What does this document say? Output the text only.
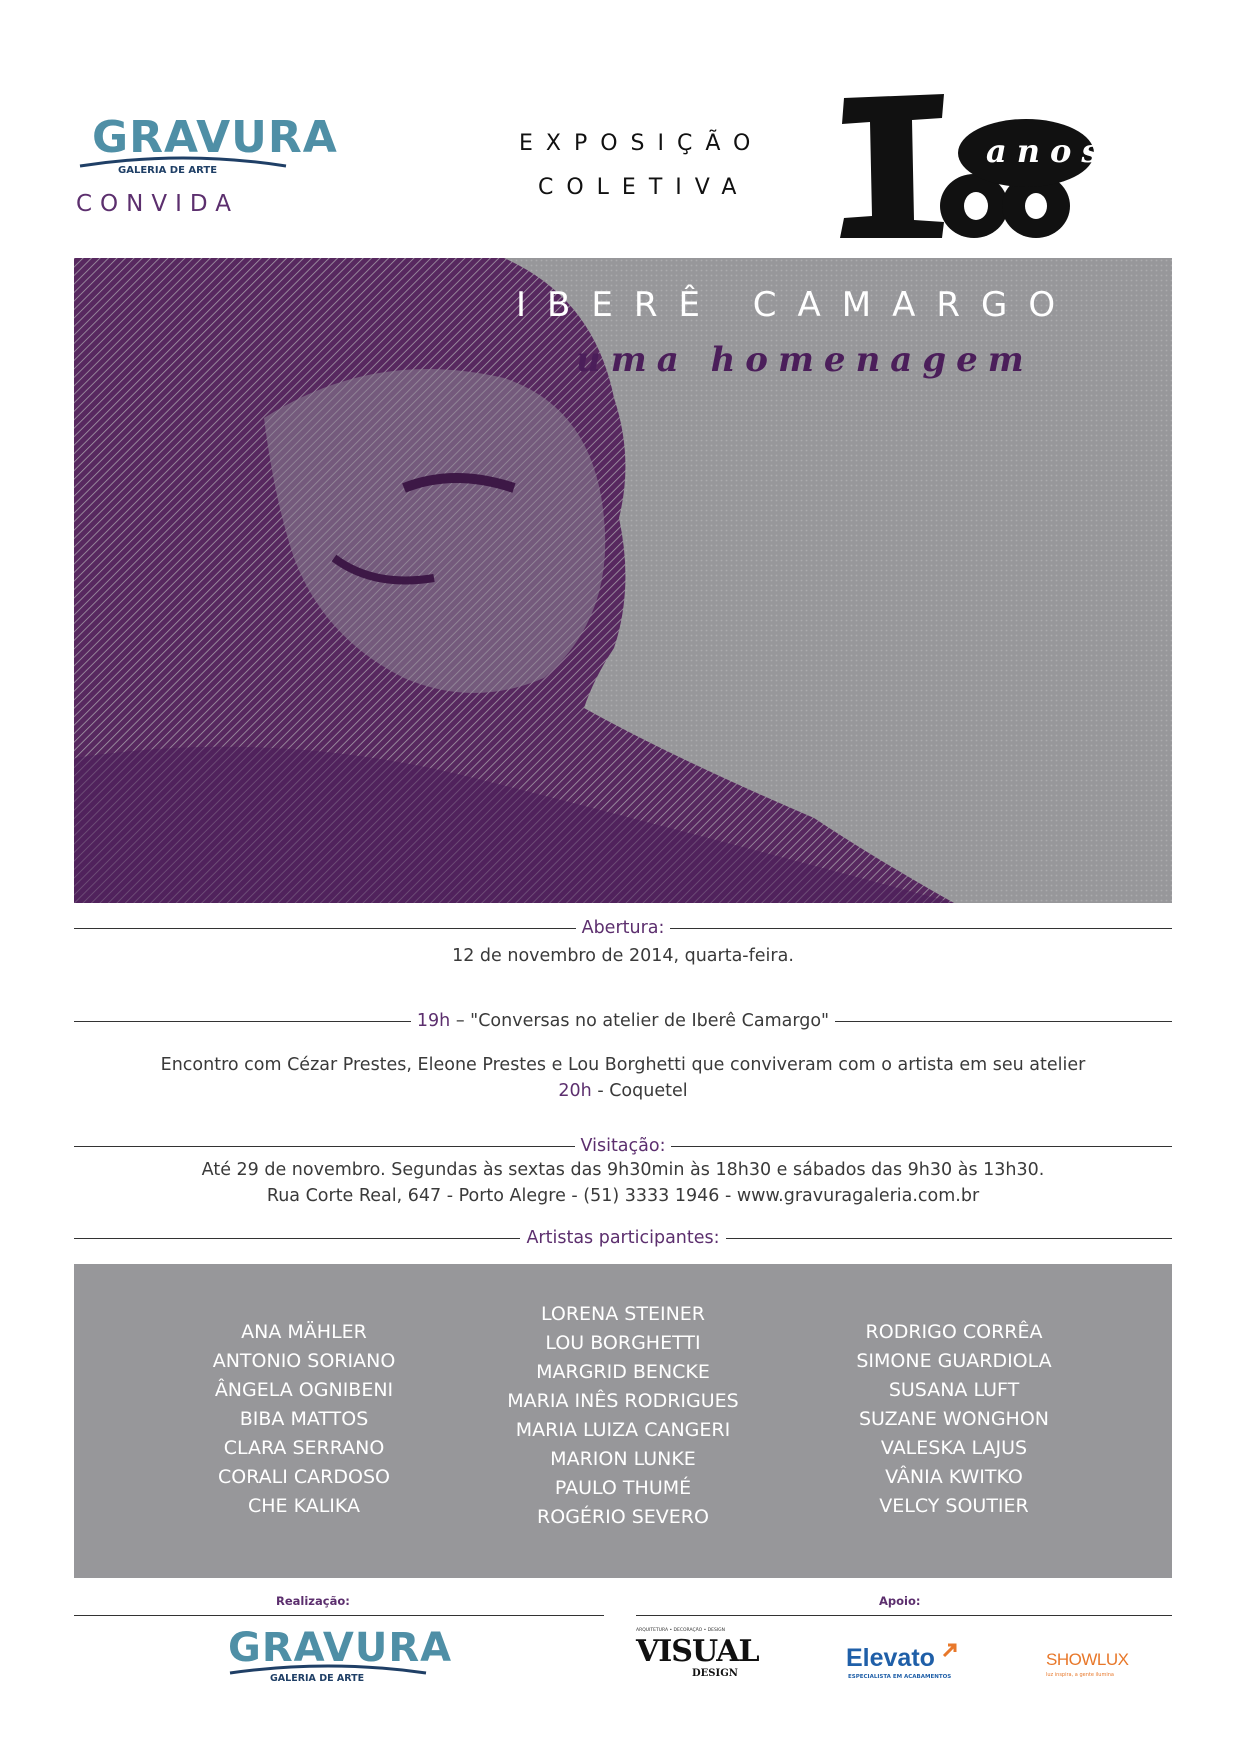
GRAVURA
GALERIA DE ARTE
CONVIDA
EXPOSIÇÃO
COLETIVA
anos
IBERÊ CAMARGO
uma homenagem
Abertura:
12 de novembro de 2014, quarta-feira.
19h – "Conversas no atelier de Iberê Camargo"
Encontro com Cézar Prestes, Eleone Prestes e Lou Borghetti que conviveram com o artista em seu atelier
20h - Coquetel
Visitação:
Até 29 de novembro. Segundas às sextas das 9h30min às 18h30 e sábados das 9h30 às 13h30.
Rua Corte Real, 647 - Porto Alegre - (51) 3333 1946 - www.gravuragaleria.com.br
Artistas participantes:
ANA MÄHLER
ANTONIO SORIANO
ÂNGELA OGNIBENI
BIBA MATTOS
CLARA SERRANO
CORALI CARDOSO
CHE KALIKA
LORENA STEINER
LOU BORGHETTI
MARGRID BENCKE
MARIA INÊS RODRIGUES
MARIA LUIZA CANGERI
MARION LUNKE
PAULO THUMÉ
ROGÉRIO SEVERO
RODRIGO CORRÊA
SIMONE GUARDIOLA
SUSANA LUFT
SUZANE WONGHON
VALESKA LAJUS
VÂNIA KWITKO
VELCY SOUTIER
Realização:	Apoio:
GRAVURA
GALERIA DE ARTE
ARQUITETURA • DECORAÇÃO • DESIGN
VISUAL
DESIGN
Elevato
ESPECIALISTA EM ACABAMENTOS
SHOWLUX
luz inspira, a gente ilumina
